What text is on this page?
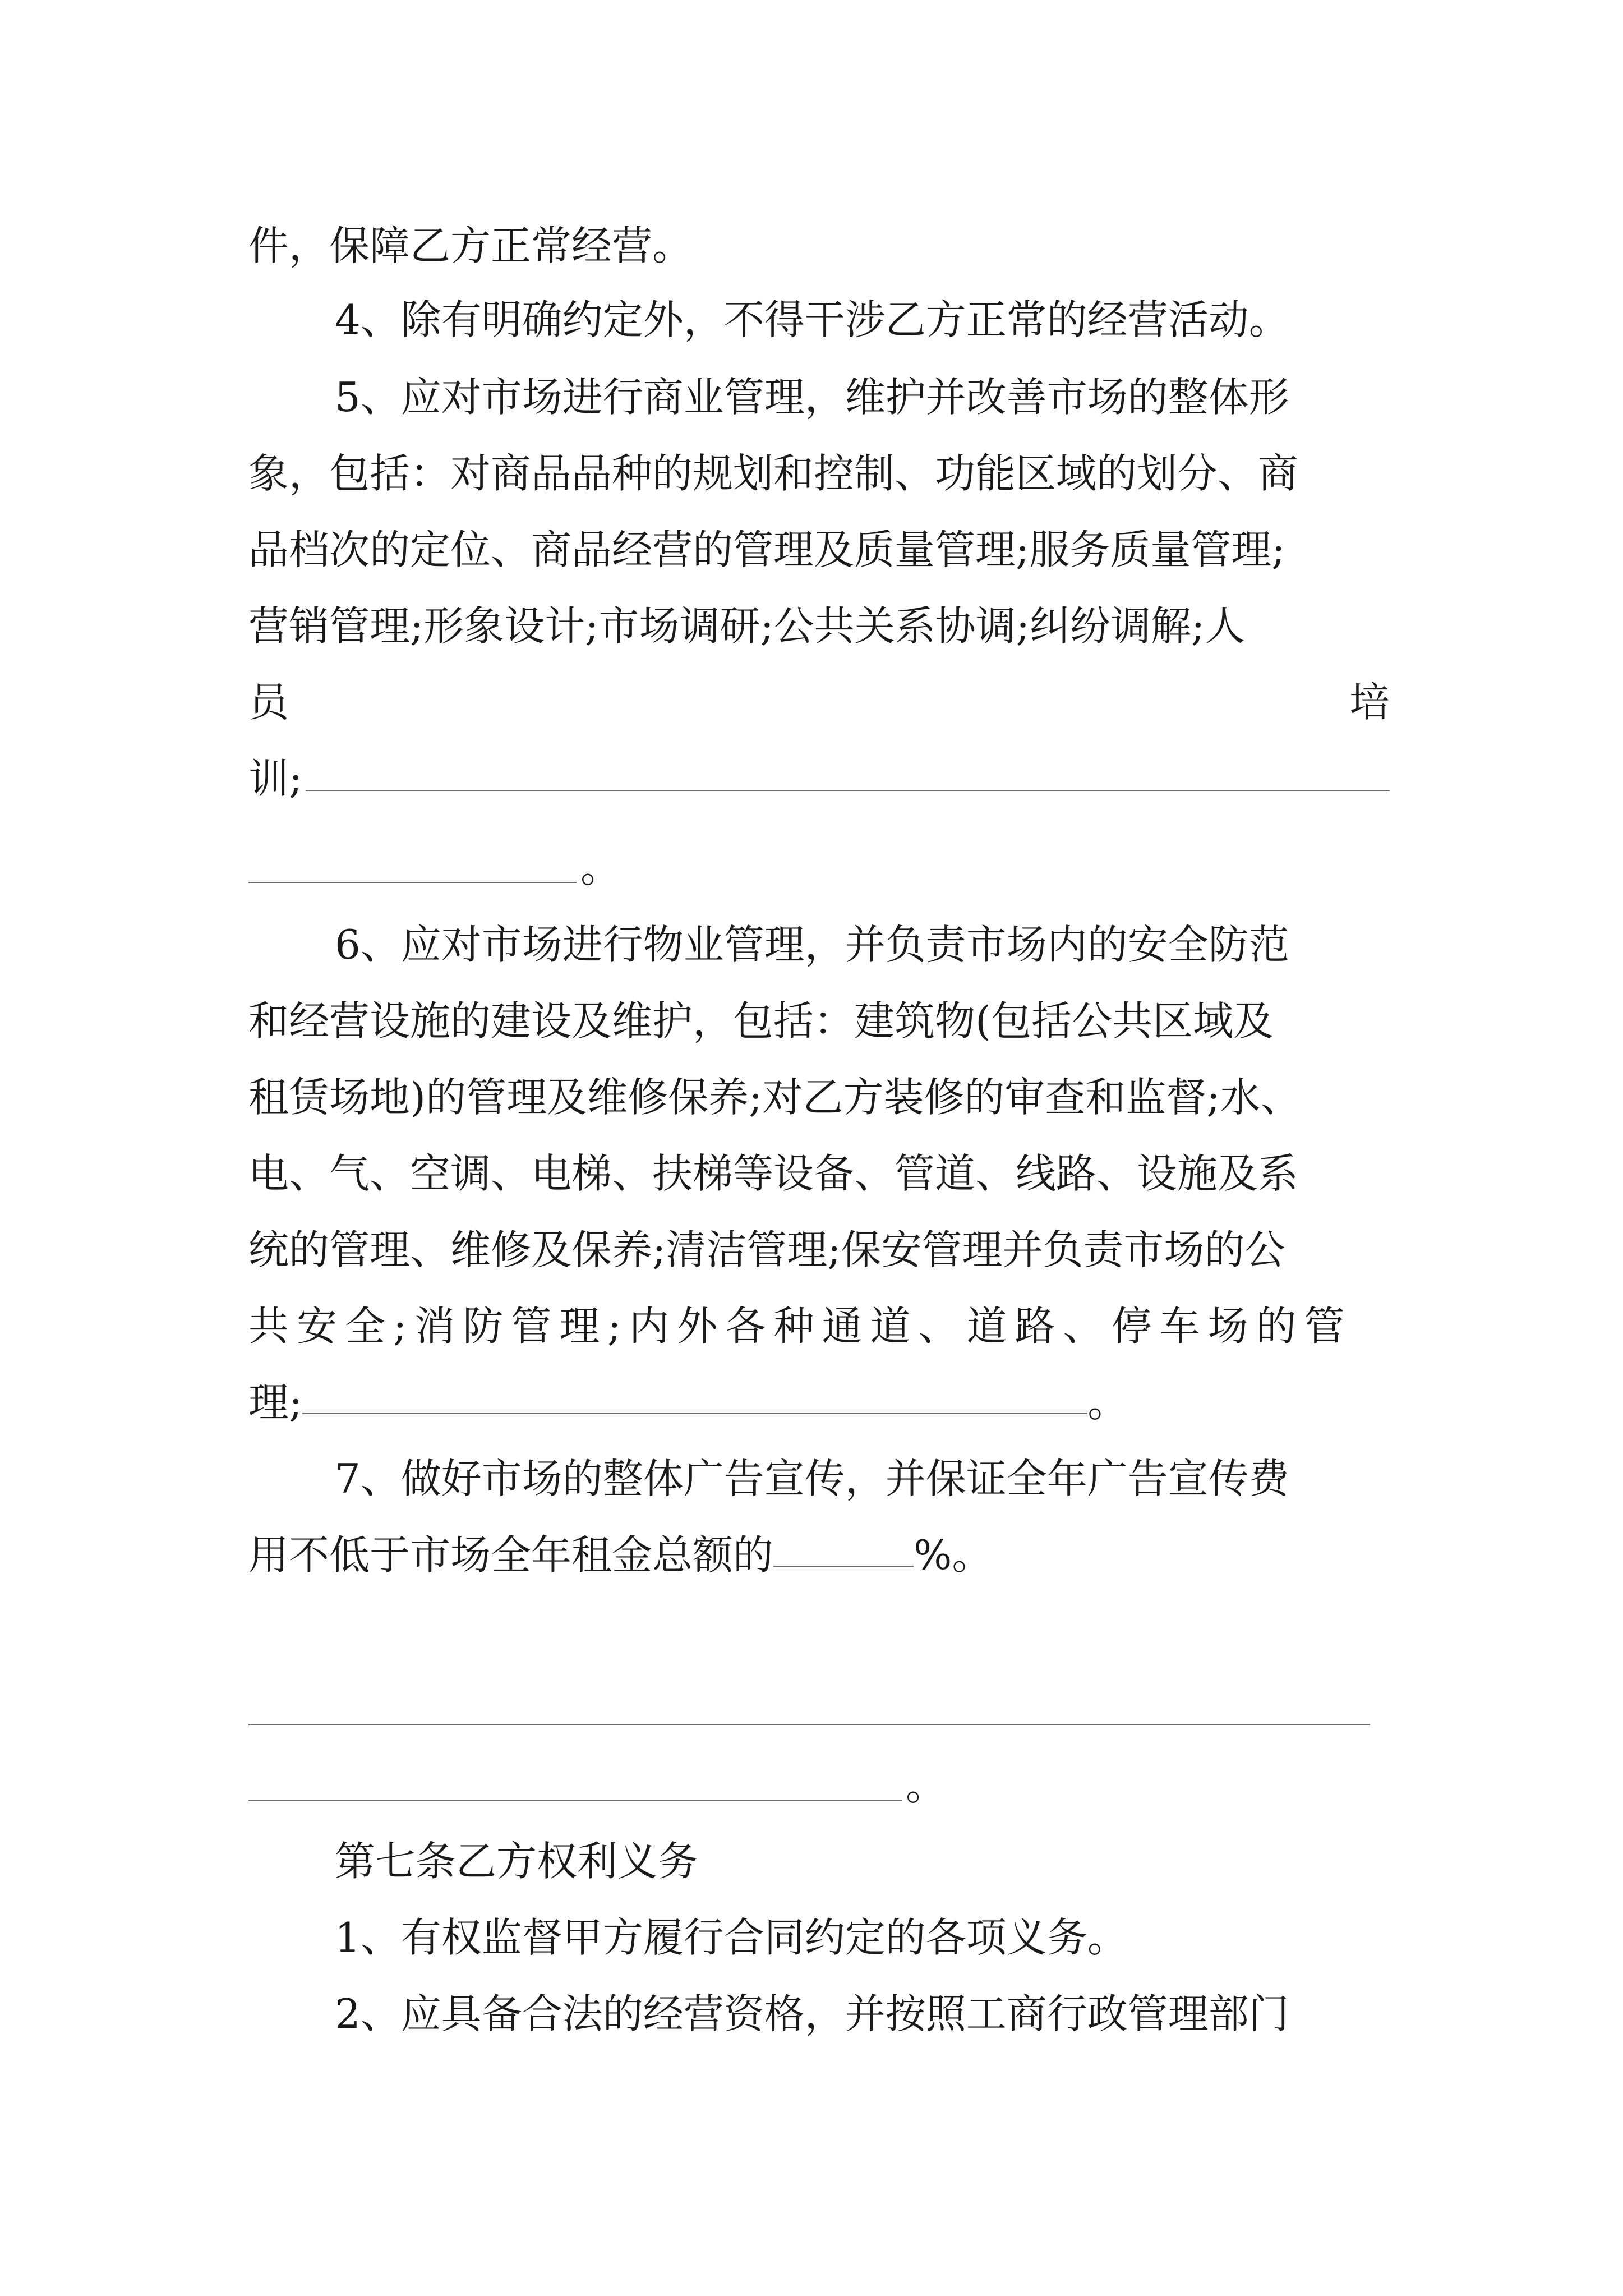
件，保障乙方正常经营。
4、除有明确约定外，不得干涉乙方正常的经营活动。
5、应对市场进行商业管理，维护并改善市场的整体形
象，包括：对商品品种的规划和控制、功能区域的划分、商
品档次的定位、商品经营的管理及质量管理;服务质量管理;
营销管理;形象设计;市场调研;公共关系协调;纠纷调解;人
员	培
训;
。
6、应对市场进行物业管理，并负责市场内的安全防范
和经营设施的建设及维护，包括：建筑物(包括公共区域及
租赁场地)的管理及维修保养;对乙方装修的审查和监督;水、
电、气、空调、电梯、扶梯等设备、管道、线路、设施及系
统的管理、维修及保养;清洁管理;保安管理并负责市场的公
共安全;消防管理;内外各种通道、道路、停车场的管
理;	。
7、做好市场的整体广告宣传，并保证全年广告宣传费
用不低于市场全年租金总额的	%。
。
第七条乙方权利义务
1、有权监督甲方履行合同约定的各项义务。
2、应具备合法的经营资格，并按照工商行政管理部门
